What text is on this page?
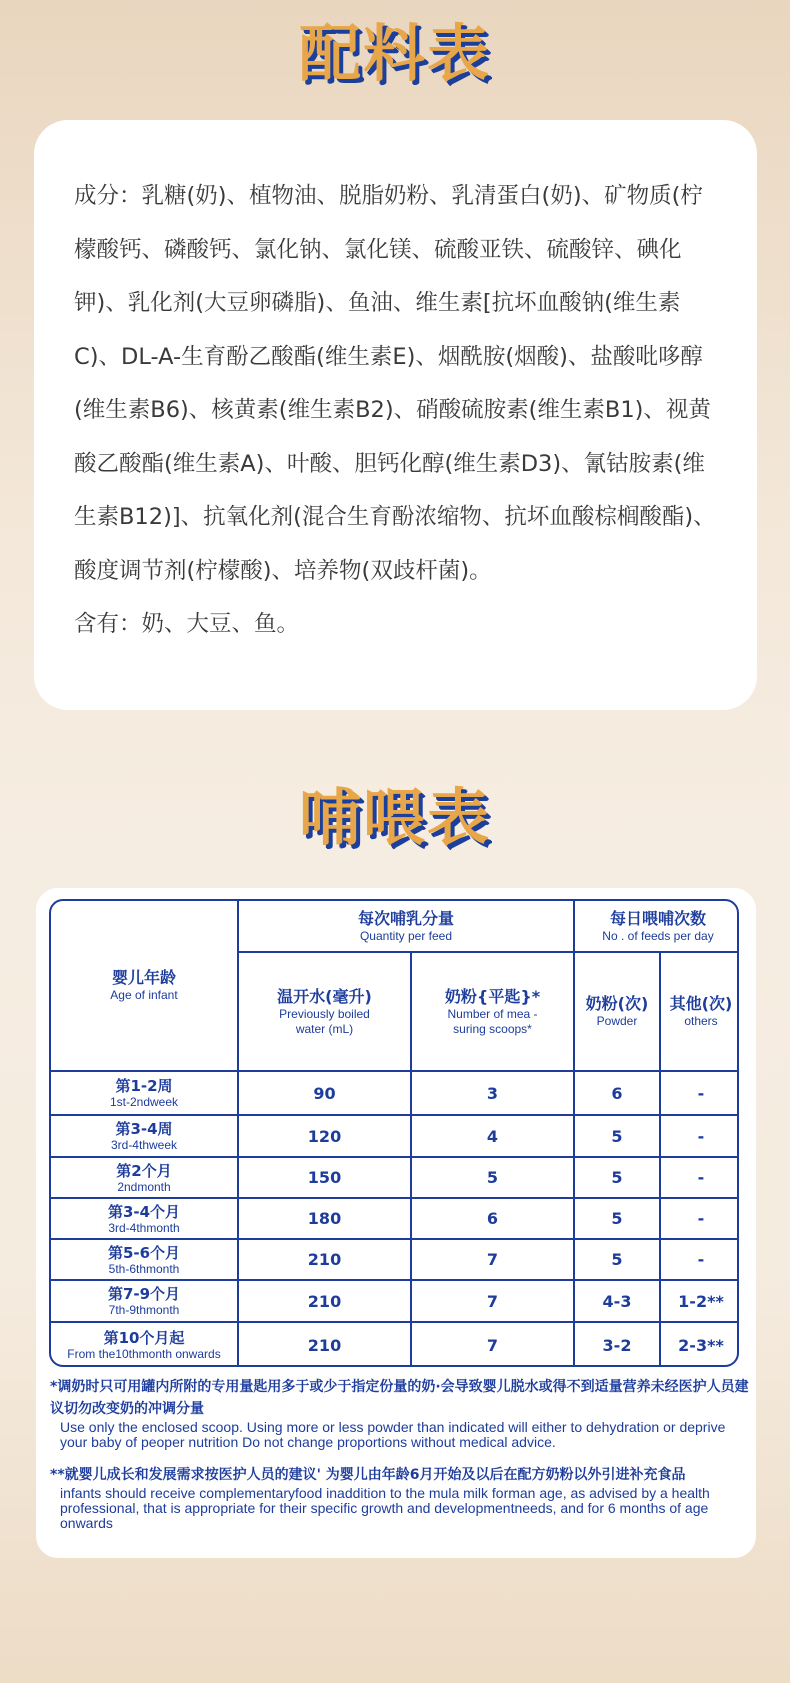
配料表
成分：乳糖(奶)、植物油、脱脂奶粉、乳清蛋白(奶)、矿物质(柠檬酸钙、磷酸钙、氯化钠、氯化镁、硫酸亚铁、硫酸锌、碘化钾)、乳化剂(大豆卵磷脂)、鱼油、维生素[抗坏血酸钠(维生素C)、DL-A-生育酚乙酸酯(维生素E)、烟酰胺(烟酸)、盐酸吡哆醇(维生素B6)、核黄素(维生素B2)、硝酸硫胺素(维生素B1)、视黄酸乙酸酯(维生素A)、叶酸、胆钙化醇(维生素D3)、氰钴胺素(维生素B12)]、抗氧化剂(混合生育酚浓缩物、抗坏血酸棕榈酸酯)、酸度调节剂(柠檬酸)、培养物(双歧杆菌)。
含有：奶、大豆、鱼。
哺喂表
婴儿年龄
Age of infant
每次哺乳分量
Quantity per feed
每日喂哺次数
No . of feeds per day
温开水(毫升)
Previously boiled water (mL)
奶粉{平匙}*
Number of mea - suring scoops*
奶粉(次)
Powder
其他(次)
others
第1-2周
1st-2ndweek	90	3	6	-
第3-4周
3rd-4thweek	120	4	5	-
第2个月
2ndmonth	150	5	5	-
第3-4个月
3rd-4thmonth	180	6	5	-
第5-6个月
5th-6thmonth	210	7	5	-
第7-9个月
7th-9thmonth	210	7	4-3	1-2**
第10个月起
From the10thmonth onwards	210	7	3-2	2-3**
*调奶时只可用罐内所附的专用量匙用多于或少于指定份量的奶·会导致婴儿脱水或得不到适量营养未经医护人员建议切勿改变奶的冲调分量
Use only the enclosed scoop. Using more or less powder than indicated will either to dehydration or deprive your baby of peoper nutrition Do not change proportions without medical advice.
**就婴儿成长和发展需求按医护人员的建议' 为婴儿由年龄6月开始及以后在配方奶粉以外引进补充食品
infants should receive complementaryfood inaddition to the mula milk forman age, as advised by a health professional, that is appropriate for their specific growth and developmentneeds, and for 6 months of age onwards
